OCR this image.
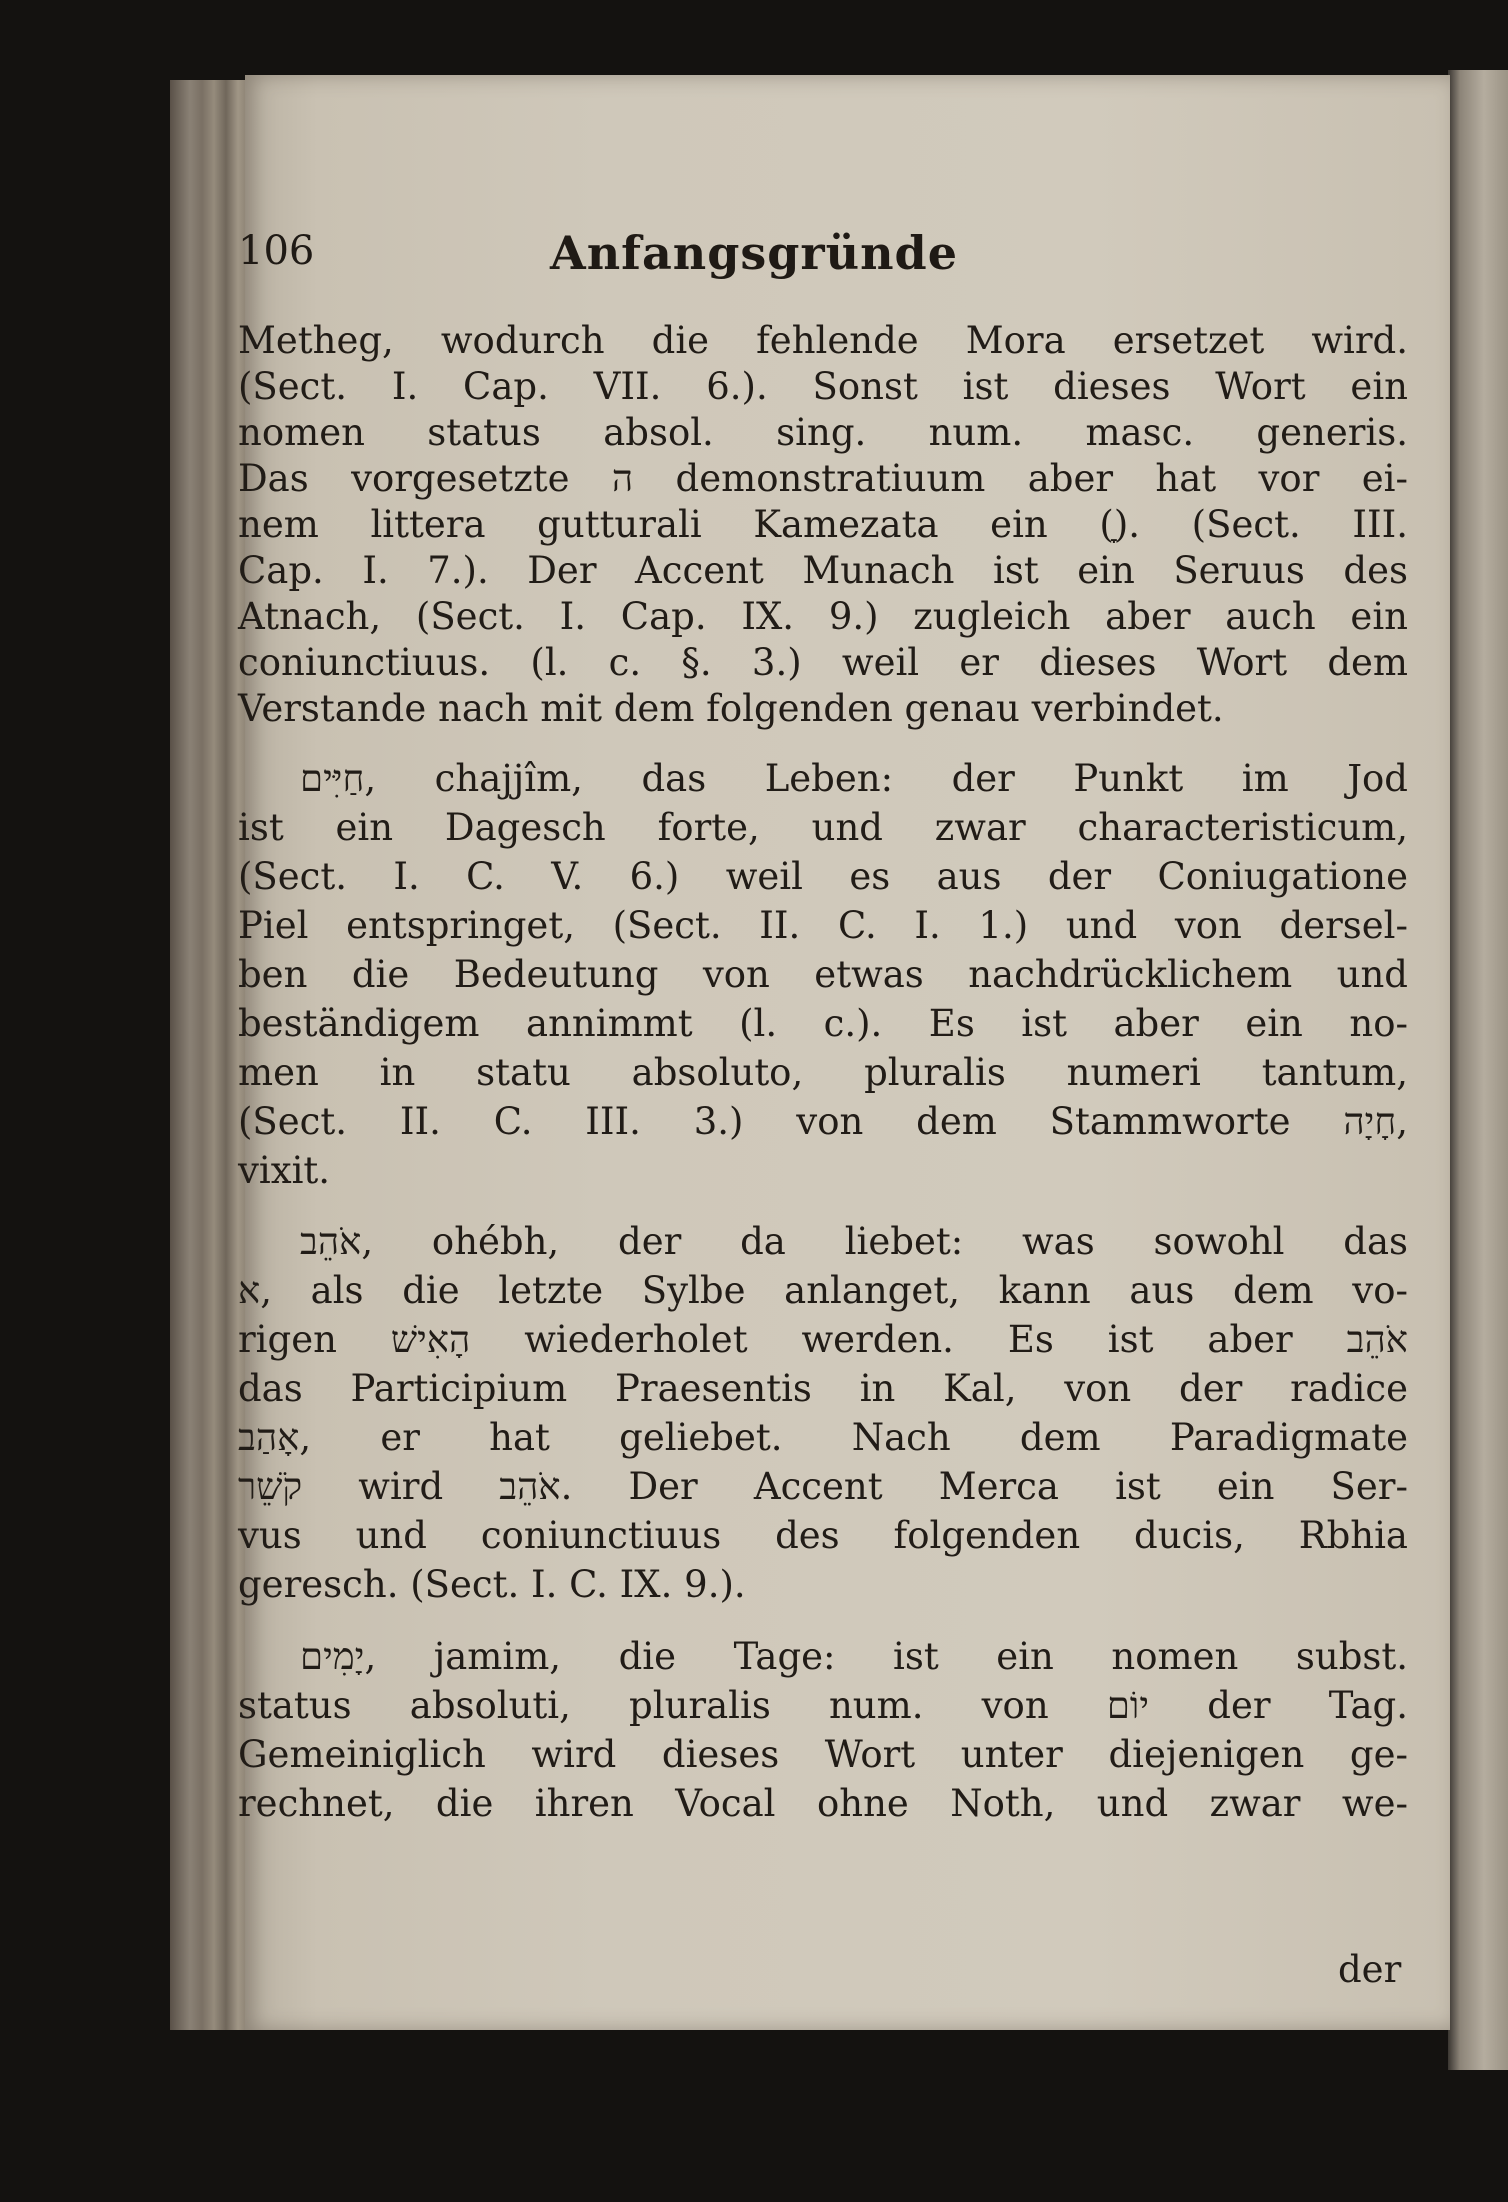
106	Anfangsgründe
Metheg, wodurch die fehlende Mora ersetzet wird.
(Sect. I. Cap. VII. 6.). Sonst ist dieses Wort ein
nomen status absol. sing. num. masc. generis.
Das vorgesetzte ה demonstratiuum aber hat vor ei-
nem littera gutturali Kamezata ein (ָ). (Sect. III.
Cap. I. 7.). Der Accent Munach ist ein Seruus des
Atnach, (Sect. I. Cap. IX. 9.) zugleich aber auch ein
coniunctiuus. (l. c. §. 3.) weil er dieses Wort dem
Verstande nach mit dem folgenden genau verbindet.
חַיִּים, chajjîm, das Leben: der Punkt im Jod
ist ein Dagesch forte, und zwar characteristicum,
(Sect. I. C. V. 6.) weil es aus der Coniugatione
Piel entspringet, (Sect. II. C. I. 1.) und von dersel-
ben die Bedeutung von etwas nachdrücklichem und
beständigem annimmt (l. c.). Es ist aber ein no-
men in statu absoluto, pluralis numeri tantum,
(Sect. II. C. III. 3.) von dem Stammworte חָיָה,
vixit.
אֹהֵב, ohébh, der da liebet: was sowohl das
א, als die letzte Sylbe anlanget, kann aus dem vo-
rigen הָאִישׁ wiederholet werden. Es ist aber אֹהֵב
das Participium Praesentis in Kal, von der radice
אָהַב, er hat geliebet. Nach dem Paradigmate
קֹשֵׁר wird אֹהֵב. Der Accent Merca ist ein Ser-
vus und coniunctiuus des folgenden ducis, Rbhia
geresch. (Sect. I. C. IX. 9.).
יָמִים, jamim, die Tage: ist ein nomen subst.
status absoluti, pluralis num. von יוֹם der Tag.
Gemeiniglich wird dieses Wort unter diejenigen ge-
rechnet, die ihren Vocal ohne Noth, und zwar we-
der
